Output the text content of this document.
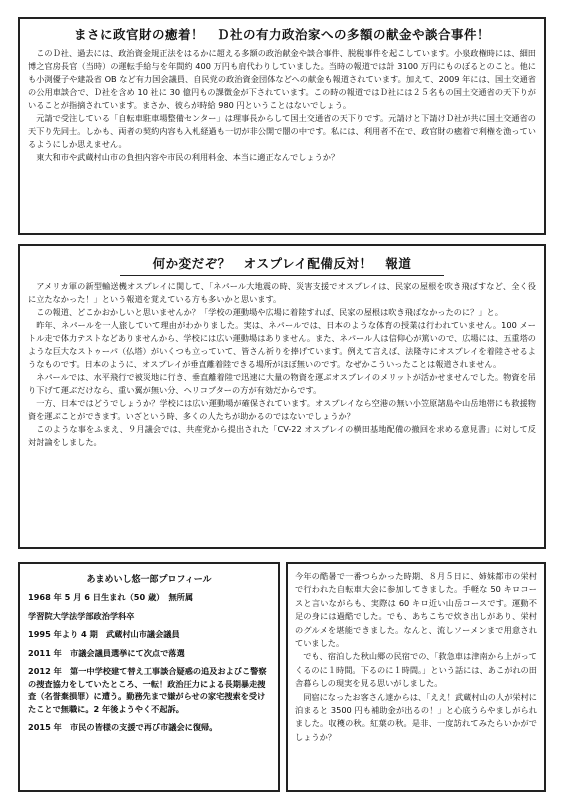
まさに政官財の癒着！　Ｄ社の有力政治家への多額の献金や談合事件！

このＤ社、過去には、政治資金規正法をはるかに超える多額の政治献金や談合事件、脱税事件を起こしています。小泉政権時には、細田博之官房長官（当時）の運転手給与を年間約 400 万円も肩代わりしていました。当時の報道では計 3100 万円にものぼるとのこと。他にも小渕優子や建設省 OB など有力国会議員、自民党の政治資金団体などへの献金も報道されています。加えて、2009 年には、国土交通省の公用車談合で、Ｄ社を含め 10 社に 30 億円もの課徴金が下されています。この時の報道ではＤ社には２５名もの国土交通省の天下りがいることが指摘されています。まさか、彼らが時給 980 円ということはないでしょう。

元請で受注している「自転車駐車場整備センター」は理事長からして国土交通省の天下りです。元請けと下請けＤ社が共に国土交通省の天下り先同士。しかも、両者の契約内容も入札経過も一切が非公開で闇の中です。私には、利用者不在で、政官財の癒着で利権を漁っているようにしか思えません。

東大和市や武蔵村山市の負担内容や市民の利用料金、本当に適正なんでしょうか？

何か変だぞ？　オスプレイ配備反対！　報道

アメリカ軍の新型輸送機オスプレイに関して、「ネパール大地震の時、災害支援でオスプレイは、民家の屋根を吹き飛ばすなど、全く役に立たなかった！」という報道を覚えている方も多いかと思います。

この報道、どこかおかしいと思いませんか？「学校の運動場や広場に着陸すれば、民家の屋根は吹き飛ばなかったのに？」と。

昨年、ネパールを一人旅していて理由がわかりました。実は、ネパールでは、日本のような体育の授業は行われていません。100 メートル走で体力テストなどありませんから、学校には広い運動場はありません。また、ネパール人は信仰心が篤いので、広場には、五重塔のような巨大なストゥーパ（仏塔）がいくつも立っていて、皆さん祈りを捧げています。例えて言えば、法隆寺にオスプレイを着陸させるようなものです。日本のように、オスプレイが垂直離着陸できる場所がほぼ無いのです。なぜかこういったことは報道されません。

ネパールでは、水平飛行で被災地に行き、垂直離着陸で迅速に大量の物資を運ぶオスプレイのメリットが活かせませんでした。物資を吊り下げて運ぶだけなら、重い翼が無い分、ヘリコプターの方が有効だからです。

一方、日本ではどうでしょうか？学校には広い運動場が確保されています。オスプレイなら空港の無い小笠原諸島や山岳地帯にも救援物資を運ぶことができます。いざという時、多くの人たちが助かるのではないでしょうか？

このような事をふまえ、９月議会では、共産党から提出された「CV-22 オスプレイの横田基地配備の撤回を求める意見書」に対して反対討論をしました。

あまめいし悠一郎プロフィール

1968 年 5 月 6 日生まれ（50 歳）　無所属

学習院大学法学部政治学科卒

1995 年より 4 期　武蔵村山市議会議員

2011 年　市議会議員選挙にて次点で落選

2012 年　第一中学校建て替え工事談合疑惑の追及およびこ警察の捜査協力をしていたところ、一転！政治圧力による長期暴走捜査（名誉棄損罪）に遭う。勤務先まで嫌がらせの家宅捜索を受けたことで無職に。2 年後ようやく不起訴。

2015 年　市民の皆様の支援で再び市議会に復帰。

今年の酷暑で一番つらかった時期、８月５日に、姉妹都市の栄村で行われた自転車大会に参加してきました。手軽な 50 キロコースと言いながらも、実際は 60 キロ近い山岳コースです。運動不足の身には過酷でした。でも、あちこちで炊き出しがあり、栄村のグルメを堪能できました。なんと、流しソーメンまで用意されていました。

でも、宿泊した秋山郷の民宿での、「救急車は津南から上がってくるのに１時間。下るのに１時間。」という話には、あこがれの田舎暮らしの現実を見る思いがしました。

同宿になったお客さん達からは、「ええ！武蔵村山の人が栄村に泊まると 3500 円も補助金が出るの！」と心底うらやましがられました。収穫の秋。紅葉の秋。是非、一度訪れてみたらいかがでしょうか？
